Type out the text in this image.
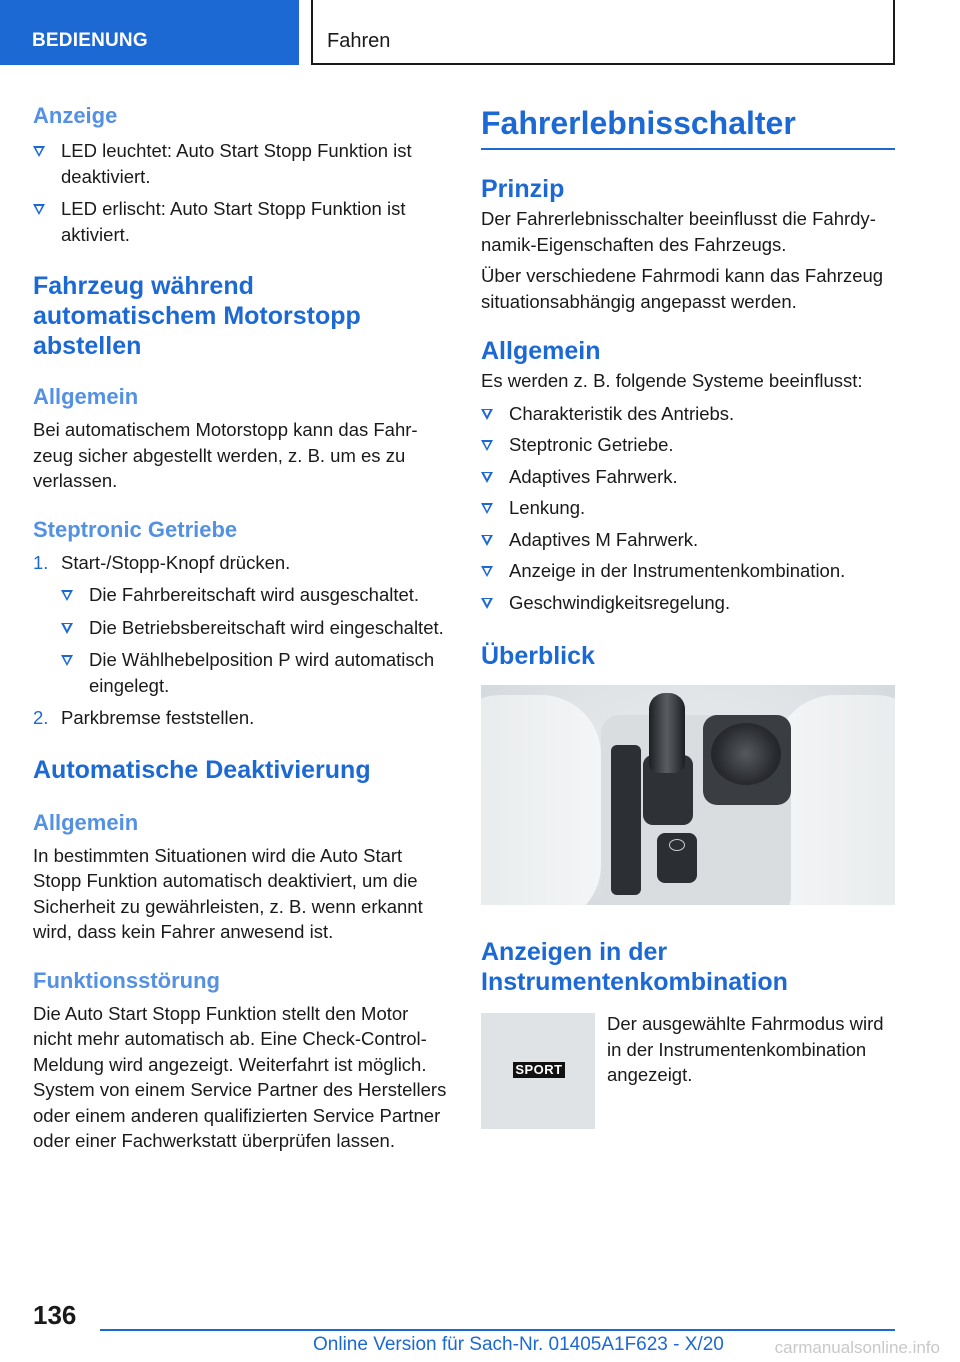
BEDIENUNG	Fahren
Anzeige
LED leuchtet: Auto Start Stopp Funktion ist deaktiviert.
LED erlischt: Auto Start Stopp Funktion ist aktiviert.
Fahrzeug während automatischem Motorstopp abstellen
Allgemein

Bei automatischem Motorstopp kann das Fahrzeug sicher abgestellt werden, z. B. um es zu verlassen.

Steptronic Getriebe
1. Start-/Stopp-Knopf drücken.
Die Fahrbereitschaft wird ausgeschaltet.
Die Betriebsbereitschaft wird eingeschaltet.
Die Wählhebelposition P wird automatisch eingelegt.
2. Parkbremse feststellen.
Automatische Deaktivierung
Allgemein

In bestimmten Situationen wird die Auto Start Stopp Funktion automatisch deaktiviert, um die Sicherheit zu gewährleisten, z. B. wenn erkannt wird, dass kein Fahrer anwesend ist.

Funktionsstörung

Die Auto Start Stopp Funktion stellt den Motor nicht mehr automatisch ab. Eine Check-Control-Meldung wird angezeigt. Weiterfahrt ist möglich. System von einem Service Partner des Herstellers oder einem anderen qualifizierten Service Partner oder einer Fachwerkstatt überprüfen lassen.

Fahrerlebnisschalter
Prinzip

Der Fahrerlebnisschalter beeinflusst die Fahrdynamik-Eigenschaften des Fahrzeugs.

Über verschiedene Fahrmodi kann das Fahrzeug situationsabhängig angepasst werden.

Allgemein

Es werden z. B. folgende Systeme beeinflusst:

Charakteristik des Antriebs.
Steptronic Getriebe.
Adaptives Fahrwerk.
Lenkung.
Adaptives M Fahrwerk.
Anzeige in der Instrumentenkombination.
Geschwindigkeitsregelung.
Überblick
Anzeigen in der Instrumentenkombination
SPORT

Der ausgewählte Fahrmodus wird in der Instrumentenkombination angezeigt.

136
Online Version für Sach-Nr. 01405A1F623 - X/20	carmanualsonline.info
